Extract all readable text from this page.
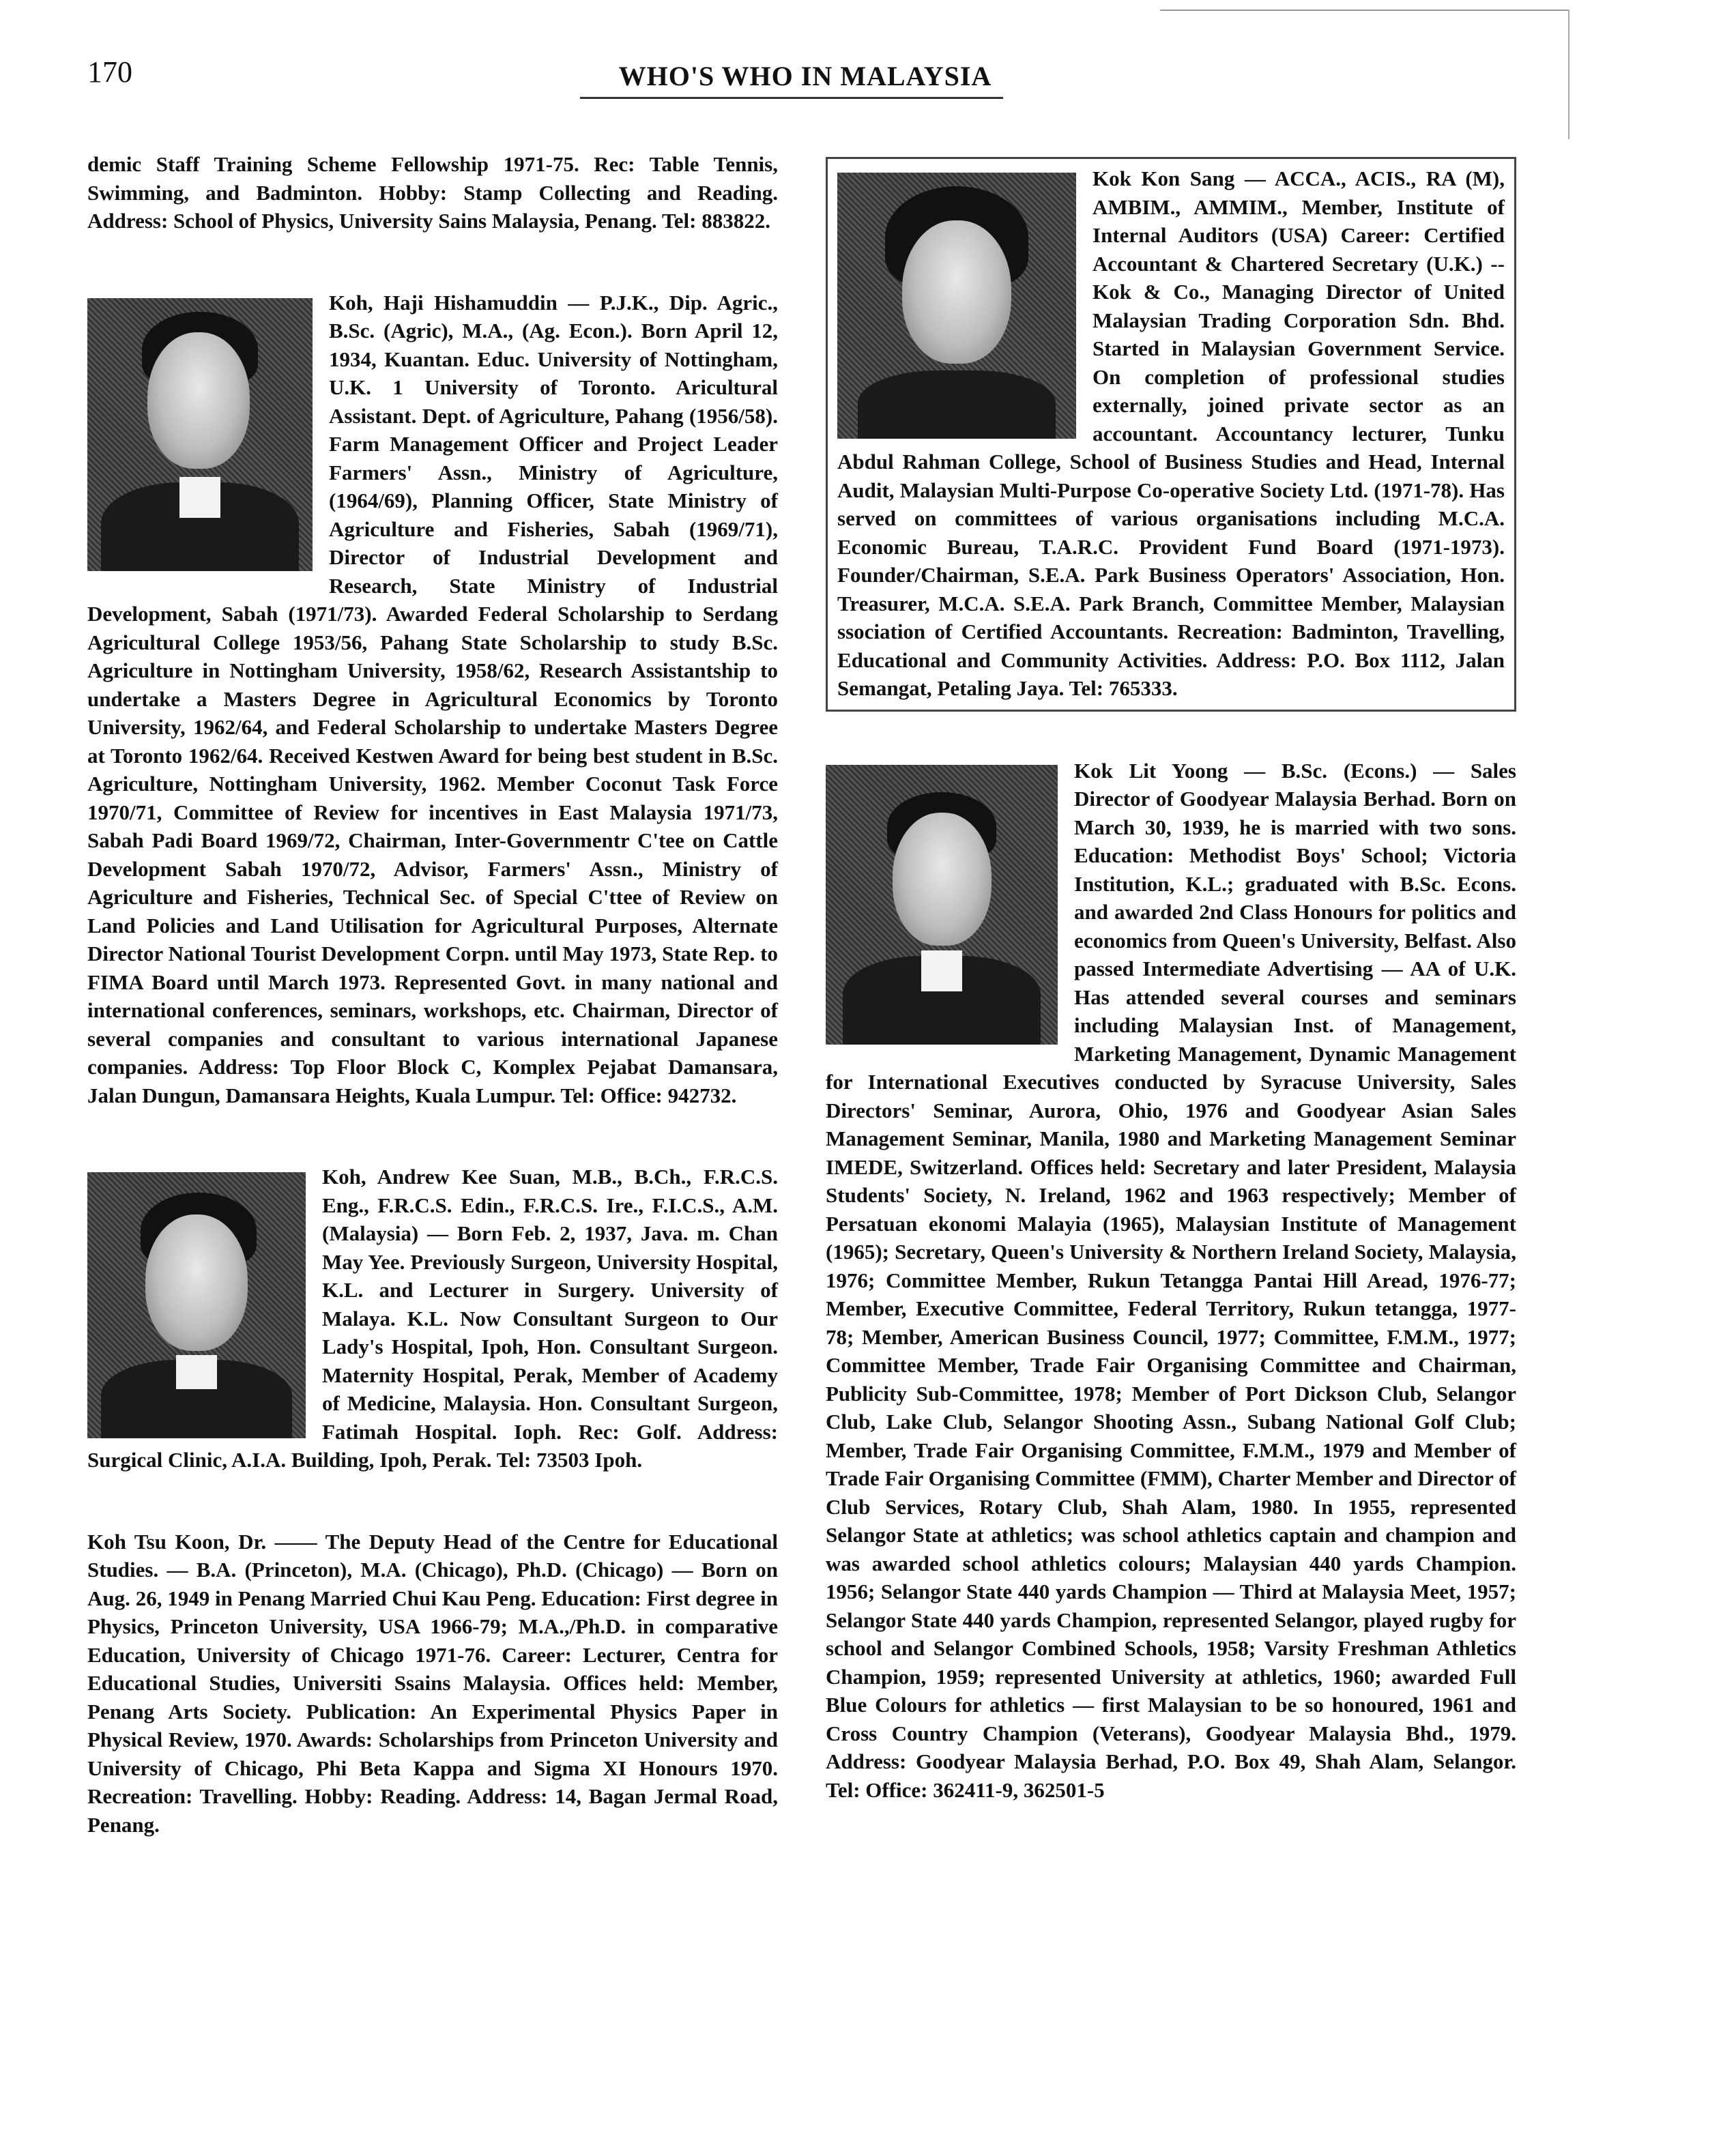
170	WHO'S WHO IN MALAYSIA

demic Staff Training Scheme Fellowship 1971-75. Rec: Table Tennis, Swimming, and Badminton. Hobby: Stamp Collecting and Reading. Address: School of Physics, University Sains Malaysia, Penang. Tel: 883822.

Koh, Haji Hishamuddin — P.J.K., Dip. Agric., B.Sc. (Agric), M.A., (Ag. Econ.). Born April 12, 1934, Kuantan. Educ. University of Nottingham, U.K. 1 University of Toronto. Aricultural Assistant. Dept. of Agriculture, Pahang (1956/58). Farm Management Officer and Project Leader Farmers' Assn., Ministry of Agriculture, (1964/69), Planning Officer, State Ministry of Agriculture and Fisheries, Sabah (1969/71), Director of Industrial Development and Research, State Ministry of Industrial Development, Sabah (1971/73). Awarded Federal Scholarship to Serdang Agricultural College 1953/56, Pahang State Scholarship to study B.Sc. Agriculture in Nottingham University, 1958/62, Research Assistantship to undertake a Masters Degree in Agricultural Economics by Toronto University, 1962/64, and Federal Scholarship to undertake Masters Degree at Toronto 1962/64. Received Kestwen Award for being best student in B.Sc. Agriculture, Nottingham University, 1962. Member Coconut Task Force 1970/71, Committee of Review for incentives in East Malaysia 1971/73, Sabah Padi Board 1969/72, Chairman, Inter-Governmentr C'tee on Cattle Development Sabah 1970/72, Advisor, Farmers' Assn., Ministry of Agriculture and Fisheries, Technical Sec. of Special C'ttee of Review on Land Policies and Land Utilisation for Agricultural Purposes, Alternate Director National Tourist Development Corpn. until May 1973, State Rep. to FIMA Board until March 1973. Represented Govt. in many national and international conferences, seminars, workshops, etc. Chairman, Director of several companies and consultant to various international Japanese companies. Address: Top Floor Block C, Komplex Pejabat Damansara, Jalan Dungun, Damansara Heights, Kuala Lumpur. Tel: Office: 942732.

Koh, Andrew Kee Suan, M.B., B.Ch., F.R.C.S. Eng., F.R.C.S. Edin., F.R.C.S. Ire., F.I.C.S., A.M. (Malaysia) — Born Feb. 2, 1937, Java. m. Chan May Yee. Previously Surgeon, University Hospital, K.L. and Lecturer in Surgery. University of Malaya. K.L. Now Consultant Surgeon to Our Lady's Hospital, Ipoh, Hon. Consultant Surgeon. Maternity Hospital, Perak, Member of Academy of Medicine, Malaysia. Hon. Consultant Surgeon, Fatimah Hospital. Ioph. Rec: Golf. Address: Surgical Clinic, A.I.A. Building, Ipoh, Perak. Tel: 73503 Ipoh.

Koh Tsu Koon, Dr. —— The Deputy Head of the Centre for Educational Studies. — B.A. (Princeton), M.A. (Chicago), Ph.D. (Chicago) — Born on Aug. 26, 1949 in Penang Married Chui Kau Peng. Education: First degree in Physics, Princeton University, USA 1966-79; M.A.,/Ph.D. in comparative Education, University of Chicago 1971-76. Career: Lecturer, Centra for Educational Studies, Universiti Ssains Malaysia. Offices held: Member, Penang Arts Society. Publication: An Experimental Physics Paper in Physical Review, 1970. Awards: Scholarships from Princeton University and University of Chicago, Phi Beta Kappa and Sigma XI Honours 1970. Recreation: Travelling. Hobby: Reading. Address: 14, Bagan Jermal Road, Penang.

Kok Kon Sang — ACCA., ACIS., RA (M), AMBIM., AMMIM., Member, Institute of Internal Auditors (USA) Career: Certified Accountant & Chartered Secretary (U.K.) -- Kok & Co., Managing Director of United Malaysian Trading Corporation Sdn. Bhd. Started in Malaysian Government Service. On completion of professional studies externally, joined private sector as an accountant. Accountancy lecturer, Tunku Abdul Rahman College, School of Business Studies and Head, Internal Audit, Malaysian Multi-Purpose Co-operative Society Ltd. (1971-78). Has served on committees of various organisations including M.C.A. Economic Bureau, T.A.R.C. Provident Fund Board (1971-1973). Founder/Chairman, S.E.A. Park Business Operators' Association, Hon. Treasurer, M.C.A. S.E.A. Park Branch, Committee Member, Malaysian ssociation of Certified Accountants. Recreation: Badminton, Travelling, Educational and Community Activities. Address: P.O. Box 1112, Jalan Semangat, Petaling Jaya. Tel: 765333.

Kok Lit Yoong — B.Sc. (Econs.) — Sales Director of Goodyear Malaysia Berhad. Born on March 30, 1939, he is married with two sons. Education: Methodist Boys' School; Victoria Institution, K.L.; graduated with B.Sc. Econs. and awarded 2nd Class Honours for politics and economics from Queen's University, Belfast. Also passed Intermediate Advertising — AA of U.K. Has attended several courses and seminars including Malaysian Inst. of Management, Marketing Management, Dynamic Management for International Executives conducted by Syracuse University, Sales Directors' Seminar, Aurora, Ohio, 1976 and Goodyear Asian Sales Management Seminar, Manila, 1980 and Marketing Management Seminar IMEDE, Switzerland. Offices held: Secretary and later President, Malaysia Students' Society, N. Ireland, 1962 and 1963 respectively; Member of Persatuan ekonomi Malayia (1965), Malaysian Institute of Management (1965); Secretary, Queen's University & Northern Ireland Society, Malaysia, 1976; Committee Member, Rukun Tetangga Pantai Hill Aread, 1976-77; Member, Executive Committee, Federal Territory, Rukun tetangga, 1977-78; Member, American Business Council, 1977; Committee, F.M.M., 1977; Committee Member, Trade Fair Organising Committee and Chairman, Publicity Sub-Committee, 1978; Member of Port Dickson Club, Selangor Club, Lake Club, Selangor Shooting Assn., Subang National Golf Club; Member, Trade Fair Organising Committee, F.M.M., 1979 and Member of Trade Fair Organising Committee (FMM), Charter Member and Director of Club Services, Rotary Club, Shah Alam, 1980. In 1955, represented Selangor State at athletics; was school athletics captain and champion and was awarded school athletics colours; Malaysian 440 yards Champion. 1956; Selangor State 440 yards Champion — Third at Malaysia Meet, 1957; Selangor State 440 yards Champion, represented Selangor, played rugby for school and Selangor Combined Schools, 1958; Varsity Freshman Athletics Champion, 1959; represented University at athletics, 1960; awarded Full Blue Colours for athletics — first Malaysian to be so honoured, 1961 and Cross Country Champion (Veterans), Goodyear Malaysia Bhd., 1979. Address: Goodyear Malaysia Berhad, P.O. Box 49, Shah Alam, Selangor. Tel: Office: 362411-9, 362501-5
